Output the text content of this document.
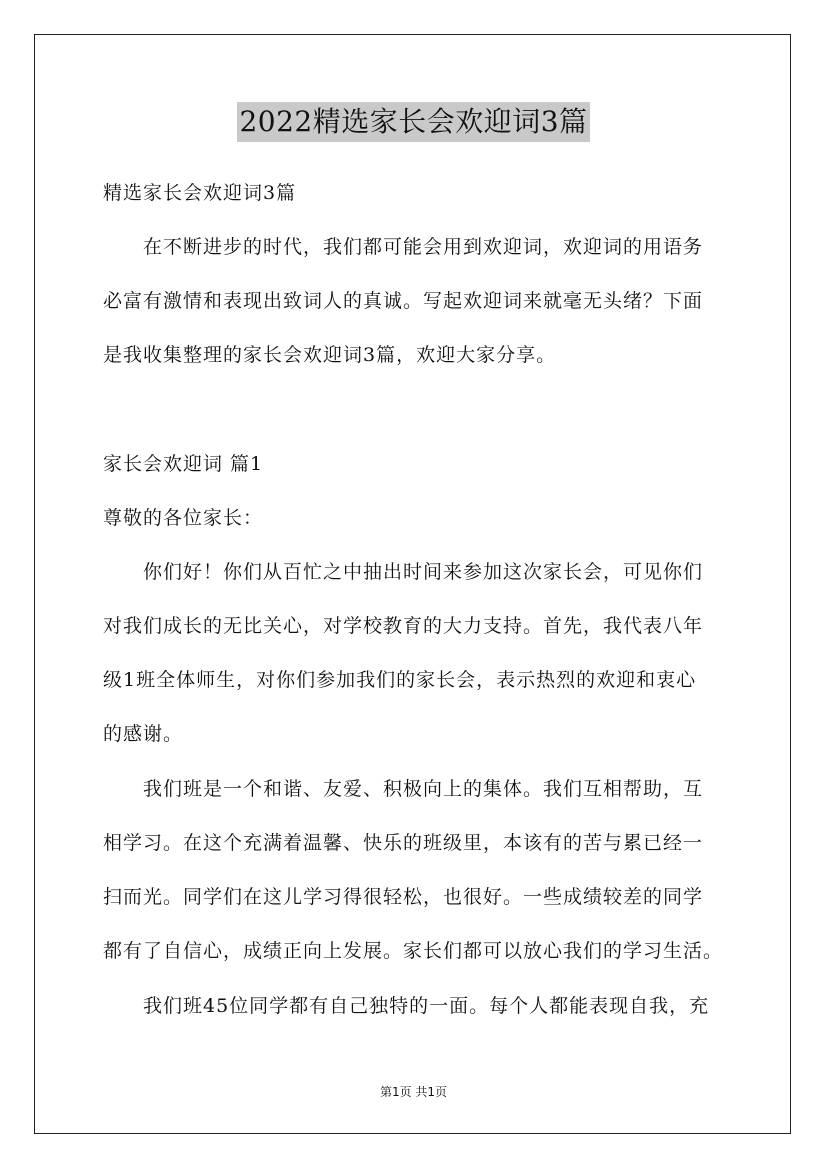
2022精选家长会欢迎词3篇
精选家长会欢迎词3篇
在不断进步的时代，我们都可能会用到欢迎词，欢迎词的用语务
必富有激情和表现出致词人的真诚。写起欢迎词来就毫无头绪？下面
是我收集整理的家长会欢迎词3篇，欢迎大家分享。
家长会欢迎词 篇1
尊敬的各位家长：
你们好！你们从百忙之中抽出时间来参加这次家长会，可见你们
对我们成长的无比关心，对学校教育的大力支持。首先，我代表八年
级1班全体师生，对你们参加我们的家长会，表示热烈的欢迎和衷心
的感谢。
我们班是一个和谐、友爱、积极向上的集体。我们互相帮助，互
相学习。在这个充满着温馨、快乐的班级里，本该有的苦与累已经一
扫而光。同学们在这儿学习得很轻松，也很好。一些成绩较差的同学
都有了自信心，成绩正向上发展。家长们都可以放心我们的学习生活。
我们班45位同学都有自己独特的一面。每个人都能表现自我，充
第1页 共1页
